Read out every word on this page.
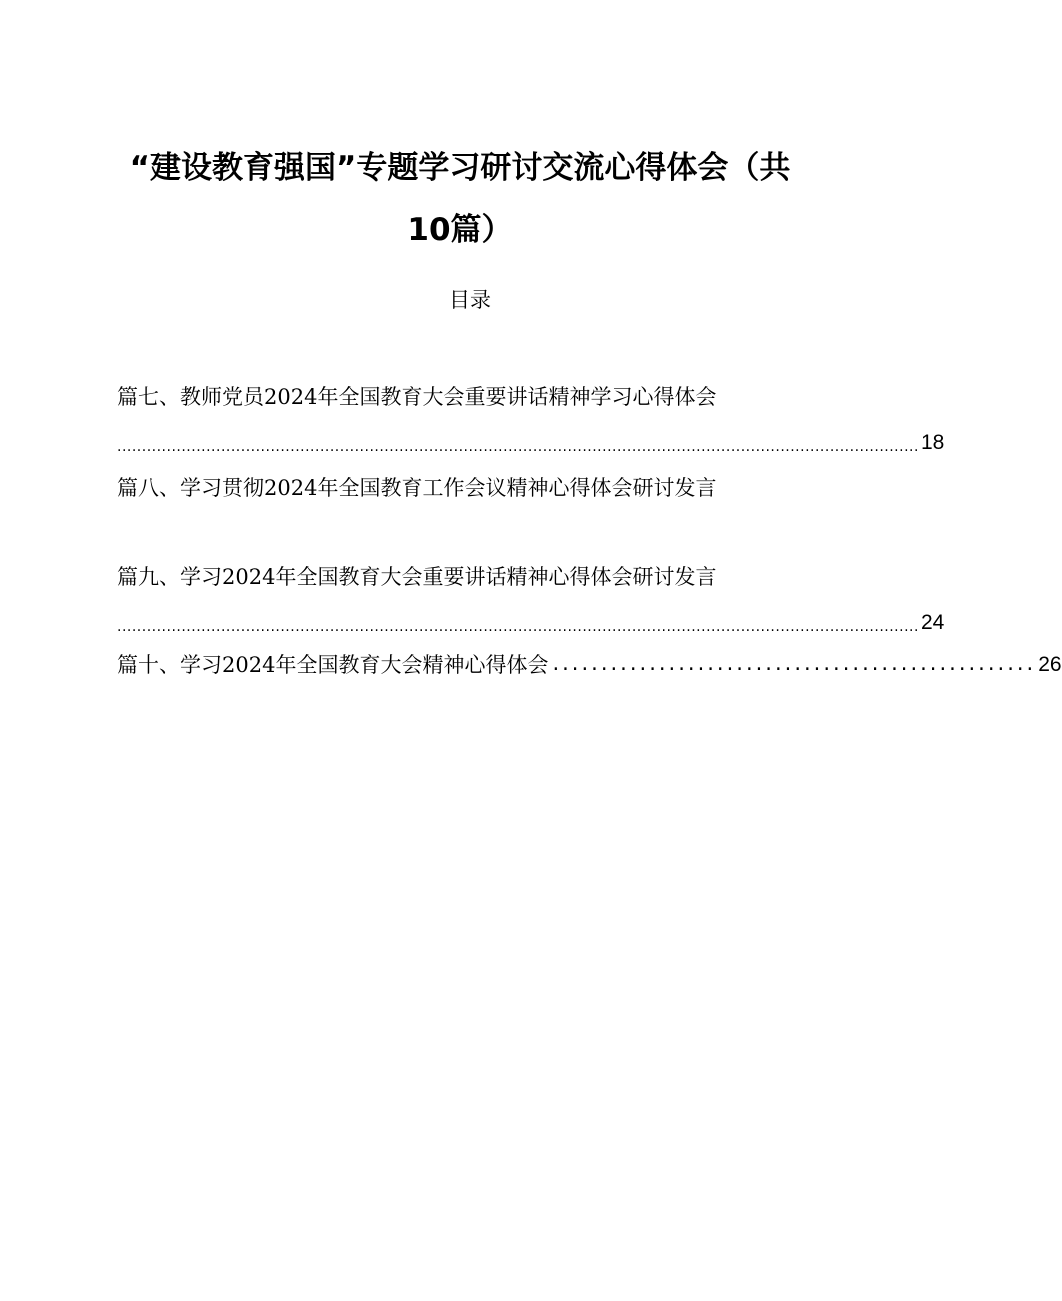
“建设教育强国”专题学习研讨交流心得体会（共
10篇）
目录
篇七、教师党员2024年全国教育大会重要讲话精神学习心得体会
.................................................................................................................................................................. 18
篇八、学习贯彻2024年全国教育工作会议精神心得体会研讨发言
篇九、学习2024年全国教育大会重要讲话精神心得体会研讨发言
.................................................................................................................................................................. 24
篇十、学习2024年全国教育大会精神心得体会 .................................................. 26
